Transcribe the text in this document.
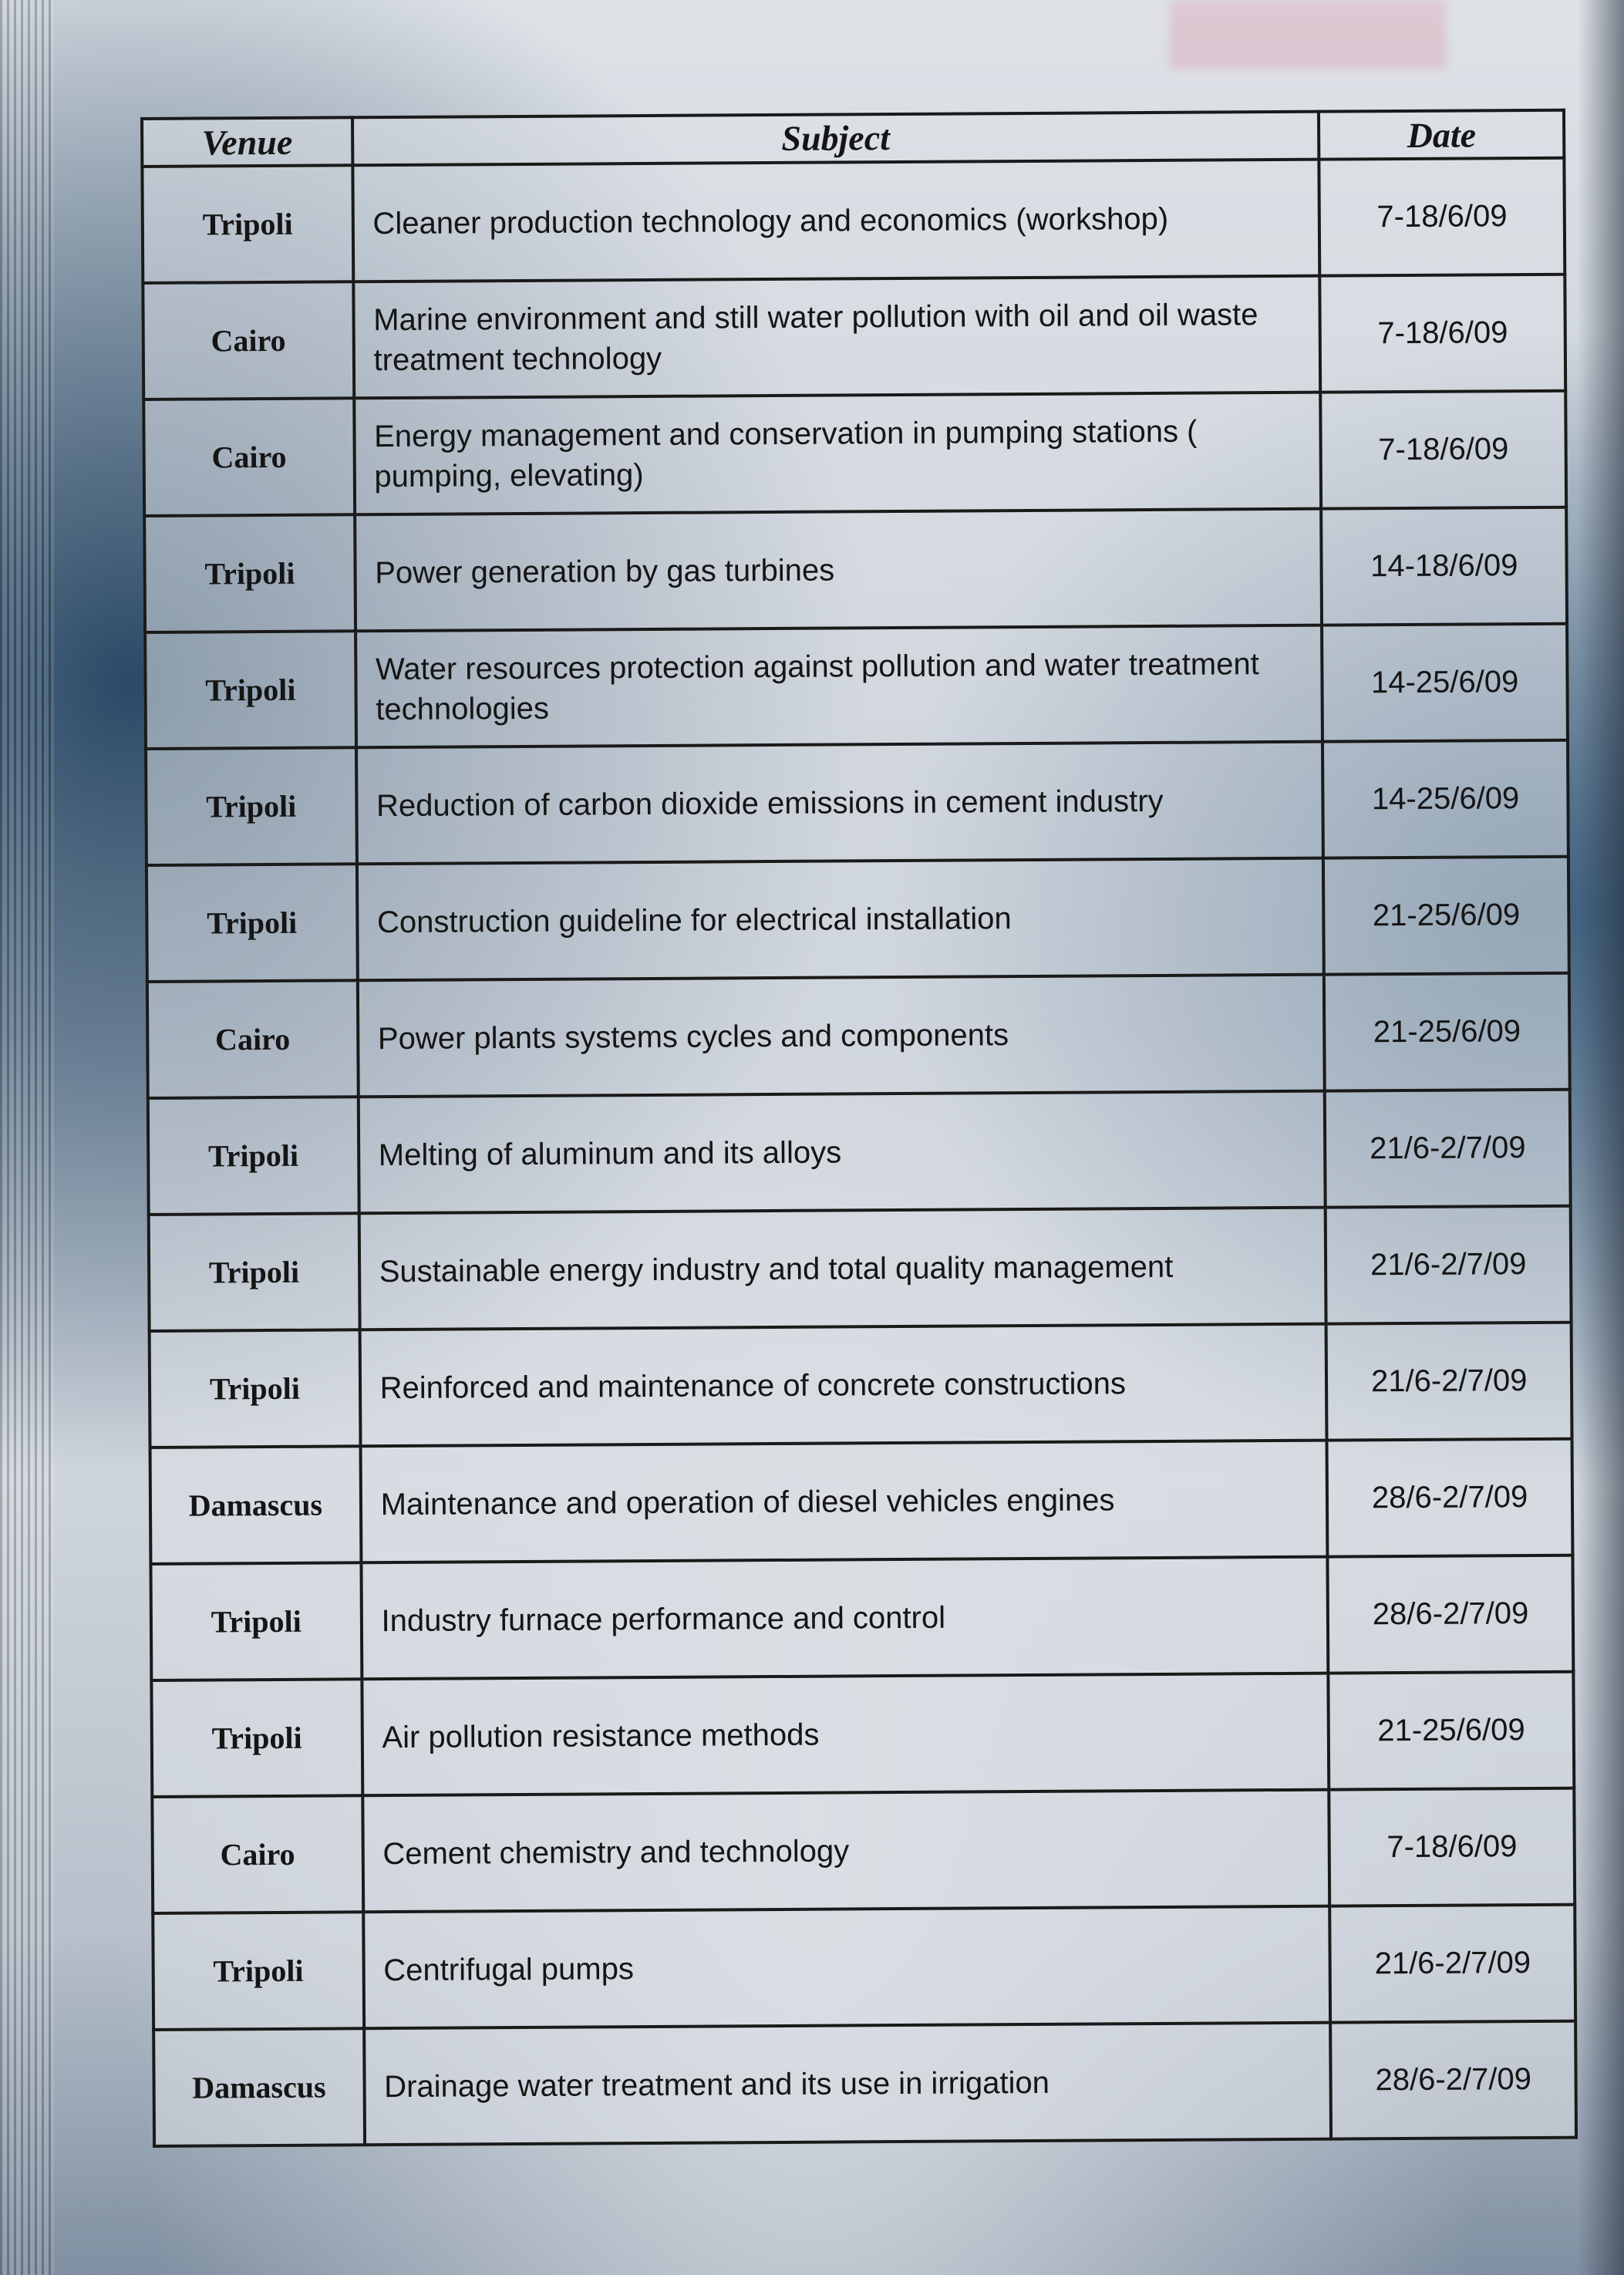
Venue	Subject	Date
Tripoli	Cleaner production technology and economics (workshop)	7-18/6/09
Cairo	Marine environment and still water pollution with oil and oil waste treatment technology	7-18/6/09
Cairo	Energy management and conservation in pumping stations ( pumping, elevating)	7-18/6/09
Tripoli	Power generation by gas turbines	14-18/6/09
Tripoli	Water resources protection against pollution and water treatment technologies	14-25/6/09
Tripoli	Reduction of carbon dioxide emissions in cement industry	14-25/6/09
Tripoli	Construction guideline for electrical installation	21-25/6/09
Cairo	Power plants systems cycles and components	21-25/6/09
Tripoli	Melting of aluminum and its alloys	21/6-2/7/09
Tripoli	Sustainable energy industry and total quality management	21/6-2/7/09
Tripoli	Reinforced and maintenance of concrete constructions	21/6-2/7/09
Damascus	Maintenance and operation of diesel vehicles engines	28/6-2/7/09
Tripoli	Industry furnace performance and control	28/6-2/7/09
Tripoli	Air pollution resistance methods	21-25/6/09
Cairo	Cement chemistry and technology	7-18/6/09
Tripoli	Centrifugal pumps	21/6-2/7/09
Damascus	Drainage water treatment and its use in irrigation	28/6-2/7/09
